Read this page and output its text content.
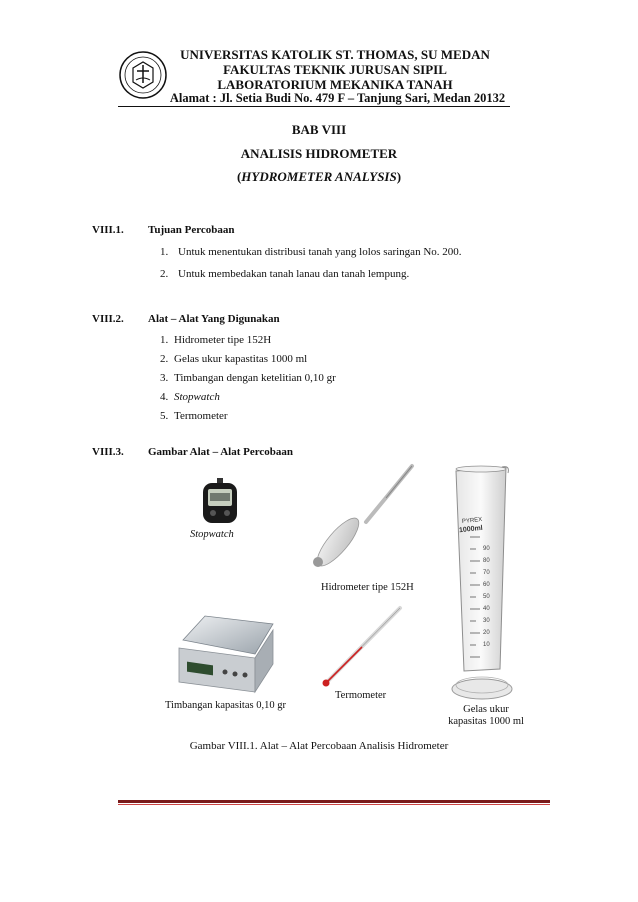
UNIVERSITAS KATOLIK ST. THOMAS, SU MEDAN
FAKULTAS TEKNIK JURUSAN SIPIL
LABORATORIUM MEKANIKA TANAH
Alamat : Jl. Setia Budi No. 479 F – Tanjung Sari, Medan 20132
BAB VIII
ANALISIS HIDROMETER
(HYDROMETER ANALYSIS)
VIII.1. Tujuan Percobaan
1. Untuk menentukan distribusi tanah yang lolos saringan No. 200.
2. Untuk membedakan tanah lanau dan tanah lempung.
VIII.2. Alat – Alat Yang Digunakan
1. Hidrometer tipe 152H
2. Gelas ukur kapastitas 1000 ml
3. Timbangan dengan ketelitian 0,10 gr
4. Stopwatch
5. Termometer
VIII.3. Gambar Alat – Alat Percobaan
Stopwatch
Hidrometer tipe 152H
Timbangan kapasitas 0,10 gr
Termometer
PYREX
1000ml
90
80
70
60
50
40
30
20
10
Gelas ukur
kapasitas 1000 ml
Gambar VIII.1. Alat – Alat Percobaan Analisis Hidrometer
